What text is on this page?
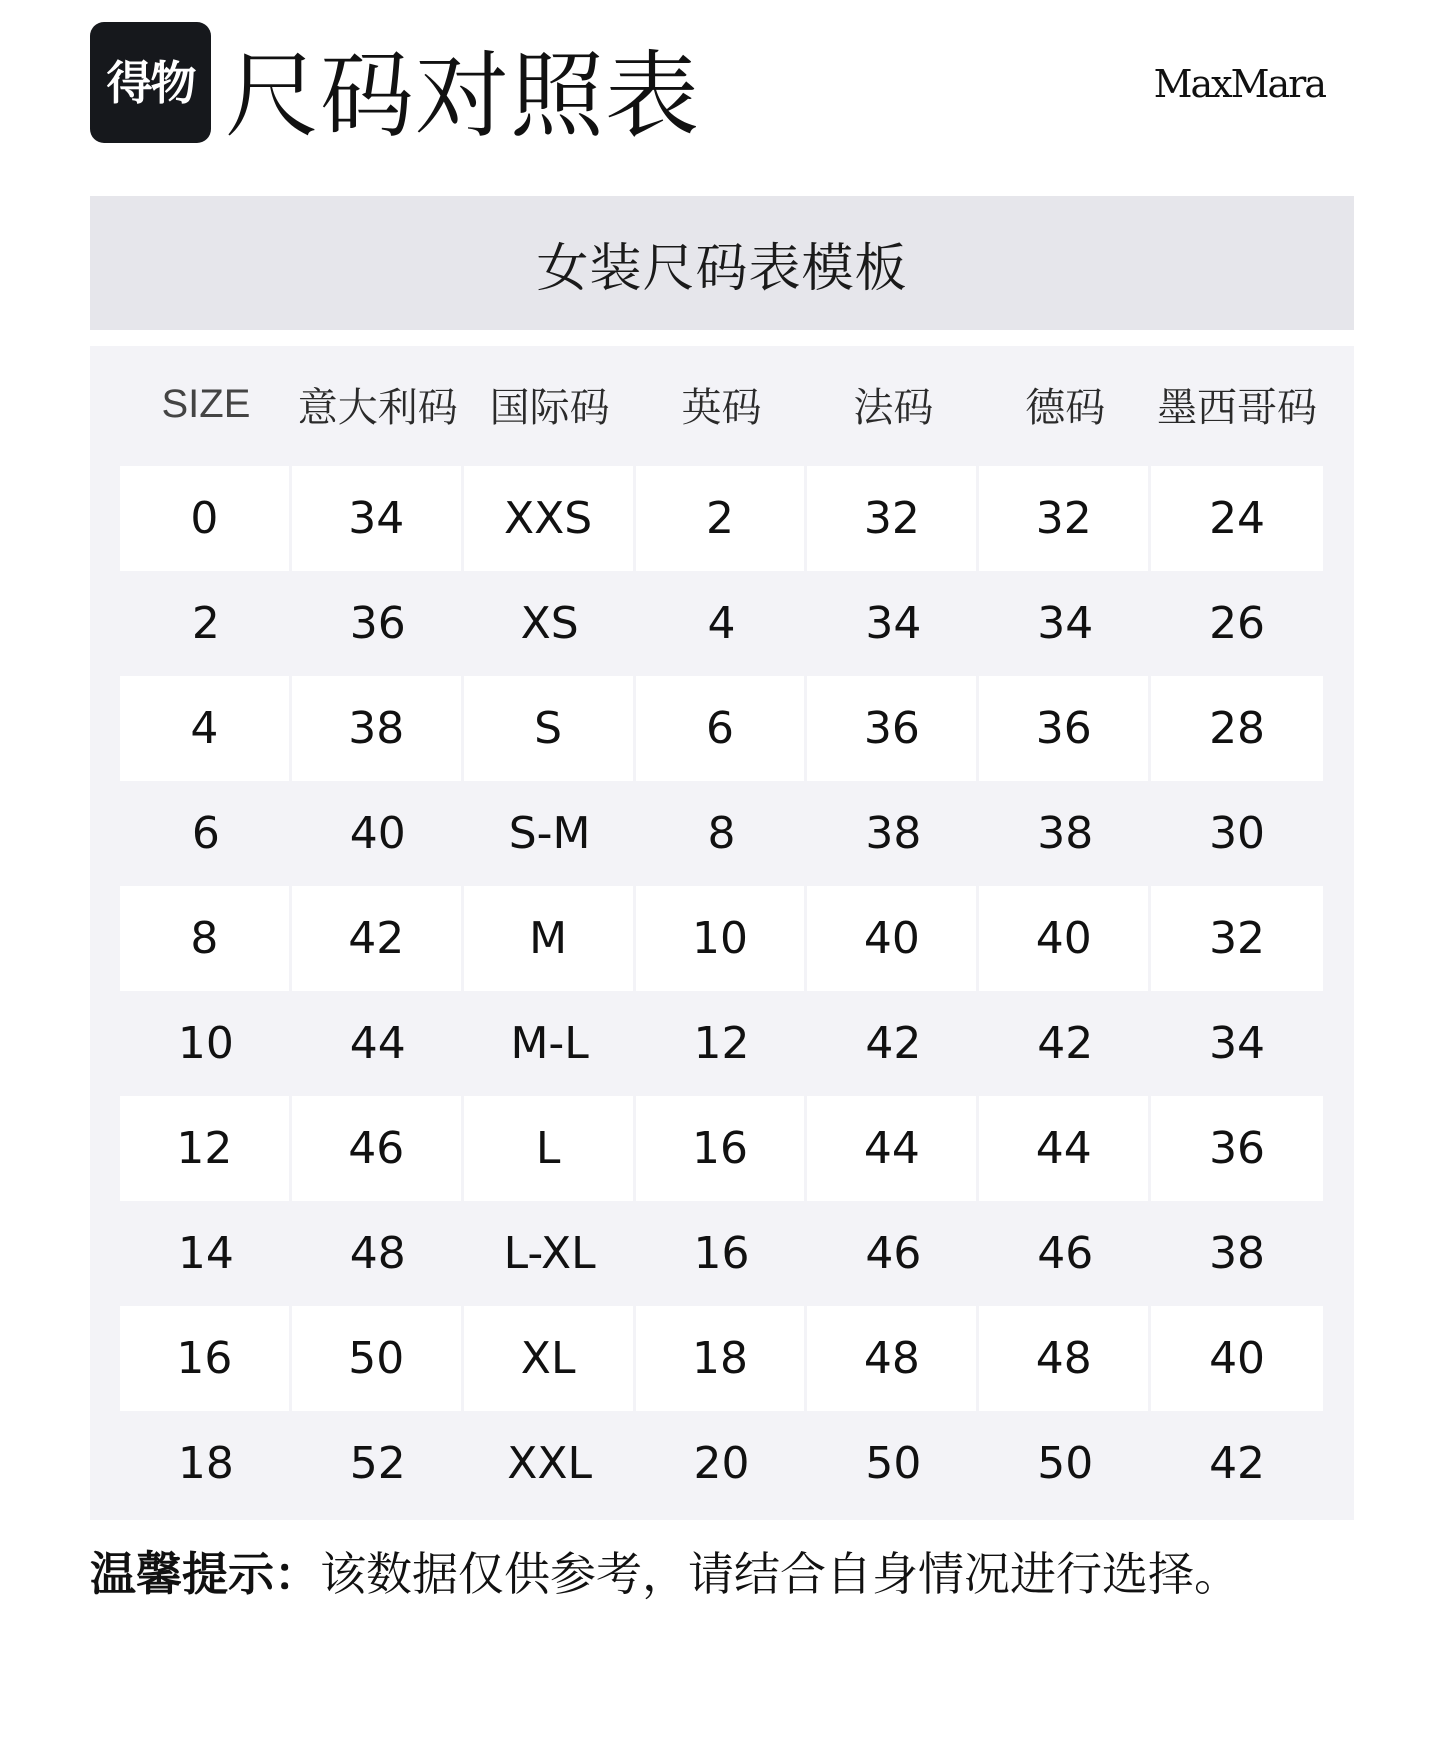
得物 尺码对照表	MaxMara
女装尺码表模板
SIZE	意大利码 国际码	英码	法码	德码	墨西哥码
0	34	XXS	2	32	32	24
2	36	XS	4	34	34	26
4	38	S	6	36	36	28
6	40	S-M	8	38	38	30
8	42	M	10	40	40	32
10	44	M-L	12	42	42	34
12	46	L	16	44	44	36
14	48	L-XL	16	46	46	38
16	50	XL	18	48	48	40
18	52	XXL	20	50	50	42
温馨提示：该数据仅供参考，请结合自身情况进行选择。
